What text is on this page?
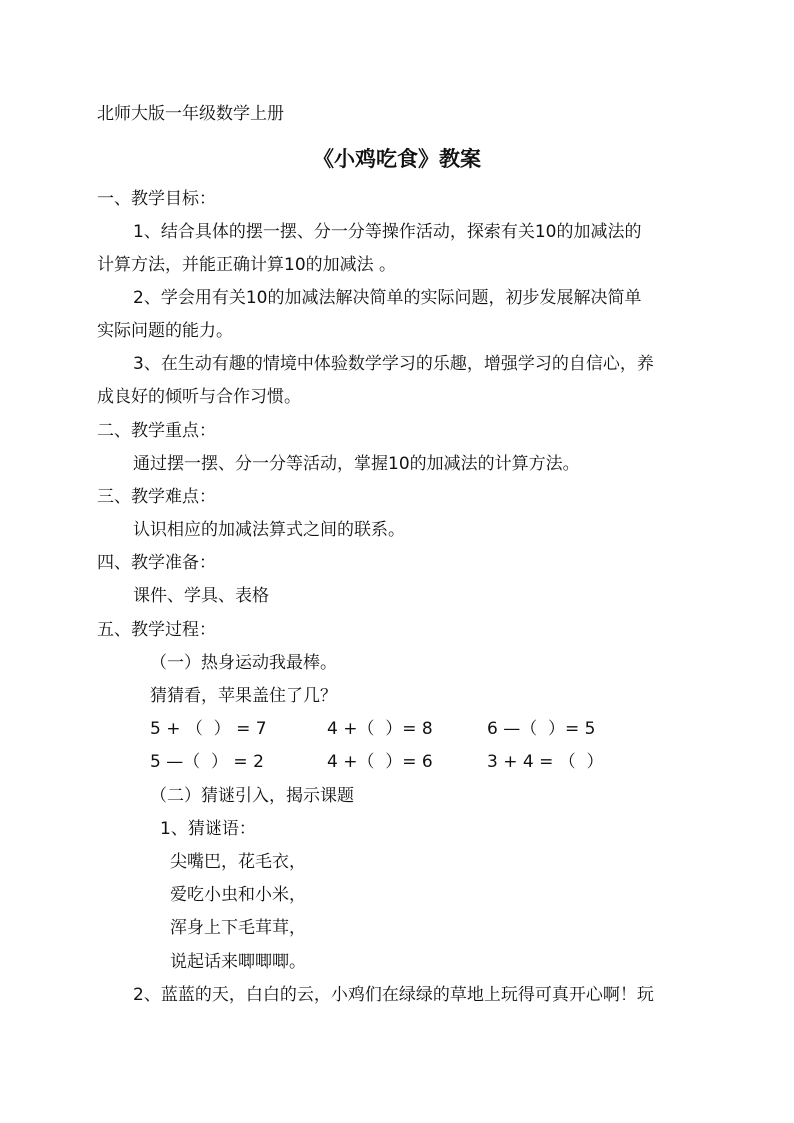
北师大版一年级数学上册
《小鸡吃食》教案
一、教学目标：
1、结合具体的摆一摆、分一分等操作活动，探索有关10的加减法的
计算方法，并能正确计算10的加减法 。
2、学会用有关10的加减法解决简单的实际问题，初步发展解决简单
实际问题的能力。
3、在生动有趣的情境中体验数学学习的乐趣，增强学习的自信心，养
成良好的倾听与合作习惯。
二、教学重点：
通过摆一摆、分一分等活动，掌握10的加减法的计算方法。
三、教学难点：
认识相应的加减法算式之间的联系。
四、教学准备：
课件、学具、表格
五、教学过程：
（一）热身运动我最棒。
猜猜看，苹果盖住了几？
5 + （  ） = 7	4 +（  ）= 8	6 —（  ）= 5
5 —（  ） = 2	4 +（  ）= 6	3 + 4 = （  ）
（二）猜谜引入，揭示课题
1、猜谜语：
尖嘴巴，花毛衣，
爱吃小虫和小米，
浑身上下毛茸茸，
说起话来唧唧唧。
2、蓝蓝的天，白白的云，小鸡们在绿绿的草地上玩得可真开心啊！玩
